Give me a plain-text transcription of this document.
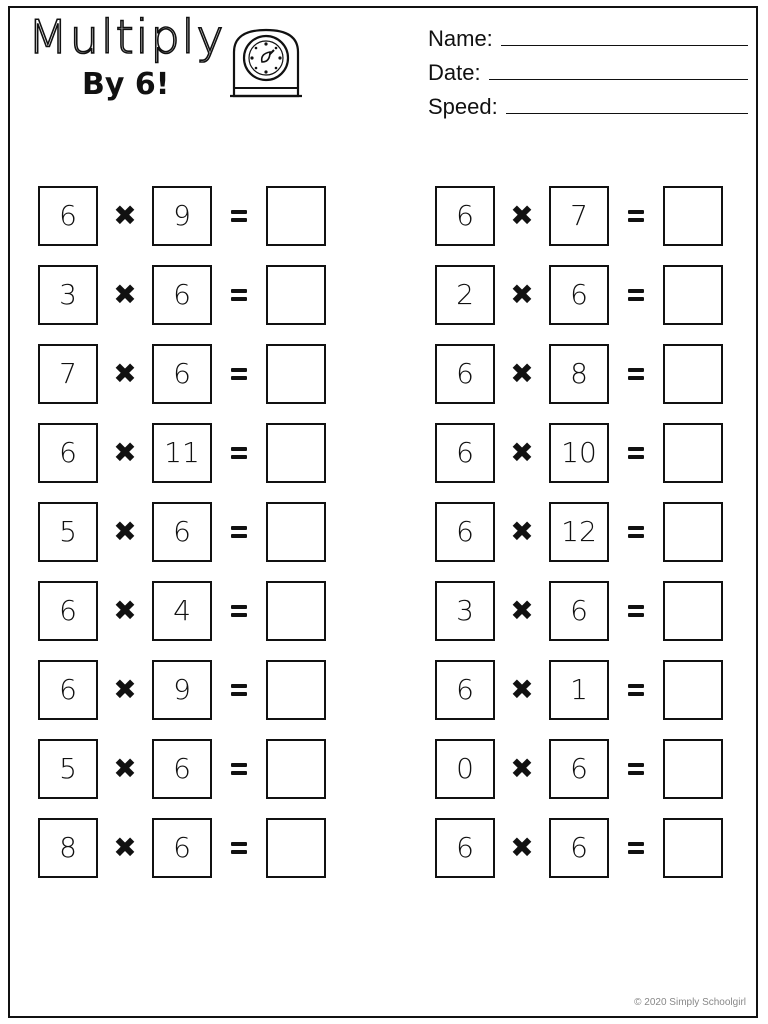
Multiply
By 6!
Name:
Date:
Speed:
6	✖	9	6	✖	7
3	✖	6	2	✖	6
7	✖	6	6	✖	8
6	✖ 11	6	✖ 10
5	✖	6	6	✖ 12
6	✖	4	3	✖	6
6	✖	9	6	✖	1
5	✖	6	0	✖	6
8	✖	6	6	✖	6
© 2020 Simply Schoolgirl
